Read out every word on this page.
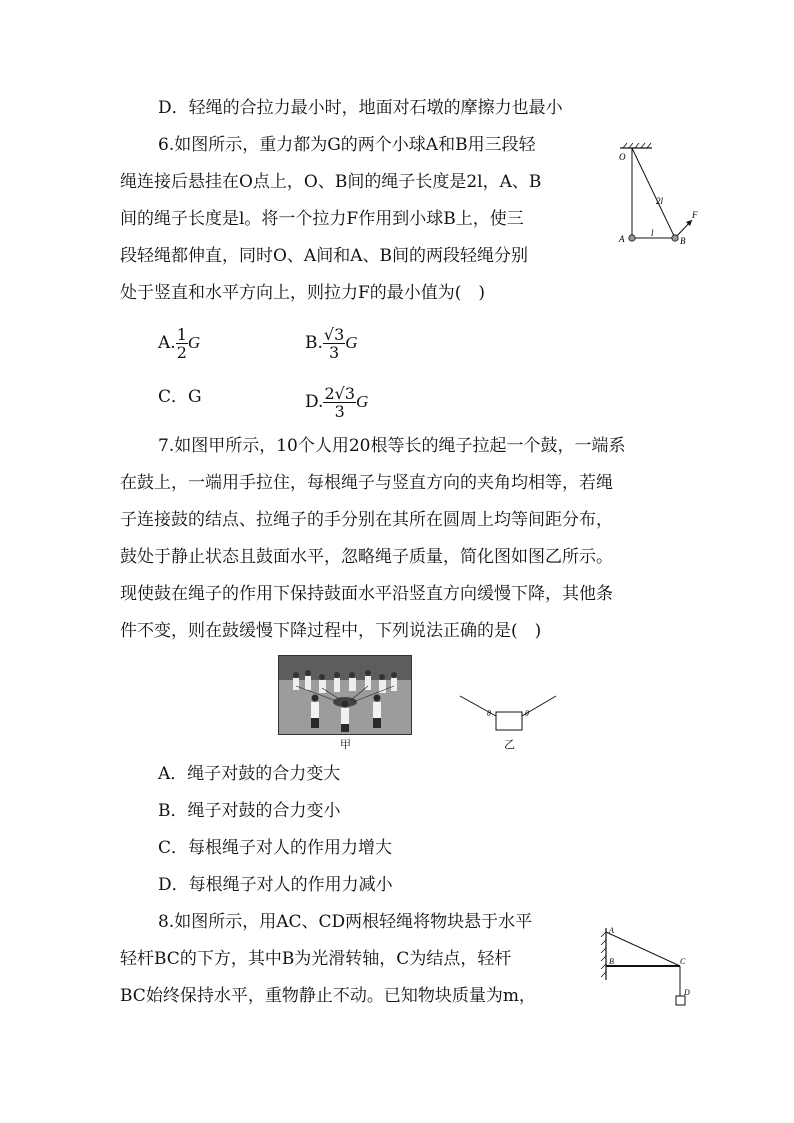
D．轻绳的合拉力最小时，地面对石墩的摩擦力也最小
6.如图所示，重力都为G的两个小球A和B用三段轻
绳连接后悬挂在O点上，O、B间的绳子长度是2l，A、B
间的绳子长度是l。将一个拉力F作用到小球B上，使三
段轻绳都伸直，同时O、A间和A、B间的两段轻绳分别
处于竖直和水平方向上，则拉力F的最小值为(　)
A. $\frac{1}{2}$ G	B. $\frac{√3}{3}$ G
C．G	D. $\frac{2√3}{3}$ G
O
A	B
2l
l
F
7.如图甲所示，10个人用20根等长的绳子拉起一个鼓，一端系
在鼓上，一端用手拉住，每根绳子与竖直方向的夹角均相等，若绳
子连接鼓的结点、拉绳子的手分别在其所在圆周上均等间距分布，
鼓处于静止状态且鼓面水平，忽略绳子质量，简化图如图乙所示。
现使鼓在绳子的作用下保持鼓面水平沿竖直方向缓慢下降，其他条
件不变，则在鼓缓慢下降过程中，下列说法正确的是(　)
甲
θ	θ
乙
A．绳子对鼓的合力变大
B．绳子对鼓的合力变小
C．每根绳子对人的作用力增大
D．每根绳子对人的作用力减小
8.如图所示，用AC、CD两根轻绳将物块悬于水平
轻杆BC的下方，其中B为光滑转轴，C为结点，轻杆
BC始终保持水平，重物静止不动。已知物块质量为m，
A
B	C
D
